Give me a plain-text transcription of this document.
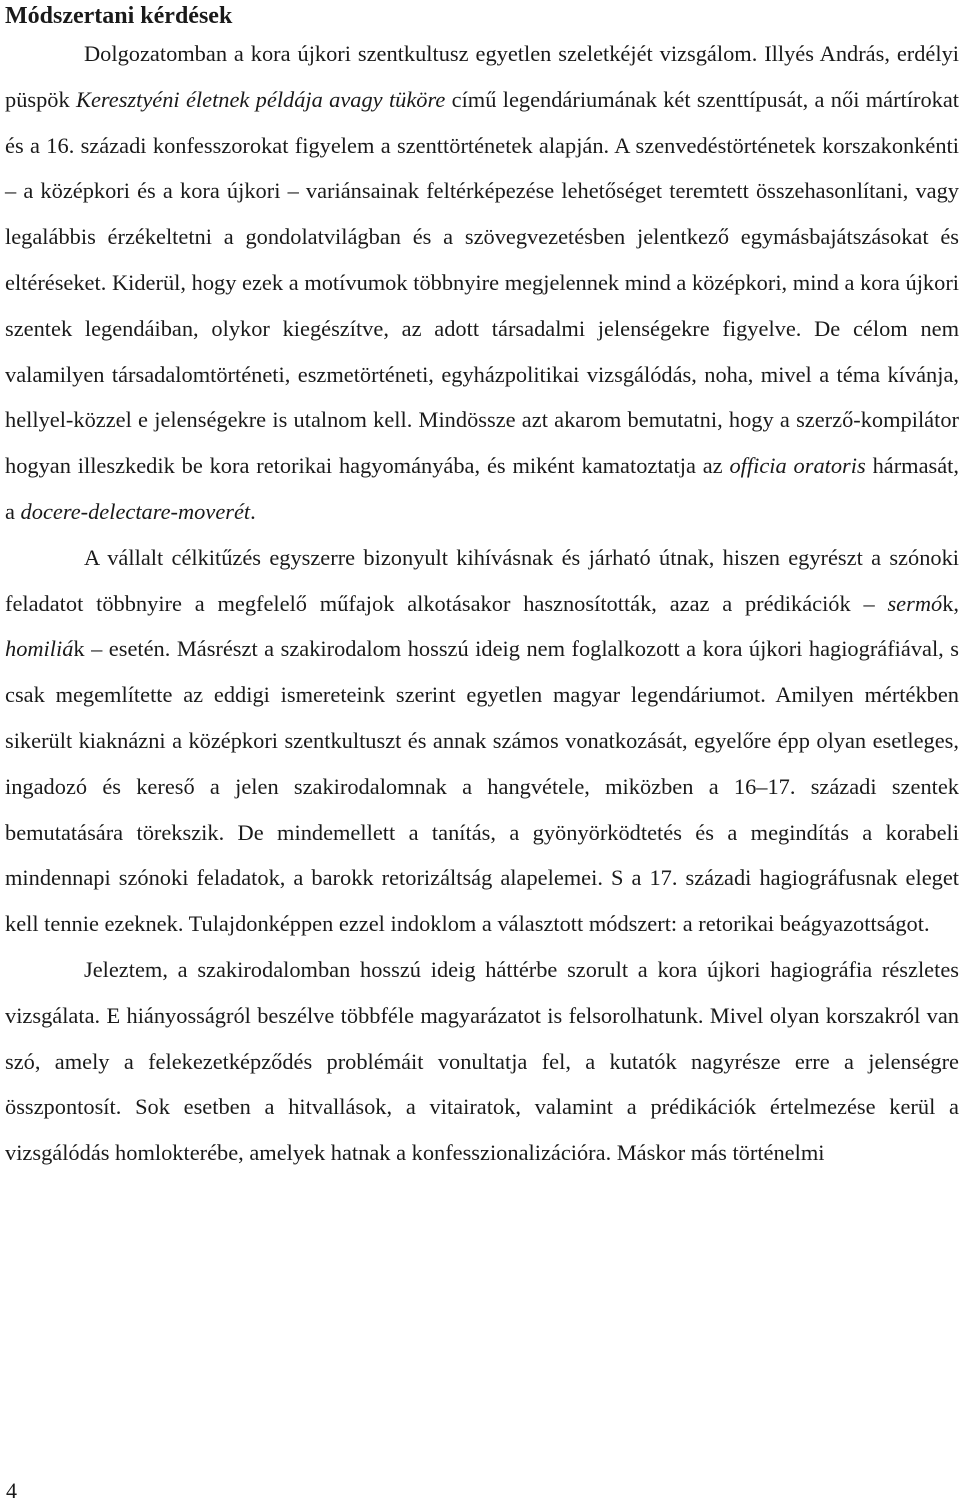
Módszertani kérdések

Dolgozatomban a kora újkori szentkultusz egyetlen szeletkéjét vizsgálom. Illyés András, erdélyi püspök Keresztyéni életnek példája avagy tüköre című legendáriumának két szenttípusát, a női mártírokat és a 16. századi konfesszorokat figyelem a szenttörténetek alapján. A szenvedéstörténetek korszakonkénti – a középkori és a kora újkori – variánsainak feltérképezése lehetőséget teremtett összehasonlítani, vagy legalábbis érzékeltetni a gondolatvilágban és a szövegvezetésben jelentkező egymásbajátszásokat és eltéréseket. Kiderül, hogy ezek a motívumok többnyire megjelennek mind a középkori, mind a kora újkori szentek legendáiban, olykor kiegészítve, az adott társadalmi jelenségekre figyelve. De célom nem valamilyen társadalomtörténeti, eszmetörténeti, egyházpolitikai vizsgálódás, noha, mivel a téma kívánja, hellyel-közzel e jelenségekre is utalnom kell. Mindössze azt akarom bemutatni, hogy a szerző-kompilátor hogyan illeszkedik be kora retorikai hagyományába, és miként kamatoztatja az officia oratoris hármasát, a docere-delectare-moverét.

A vállalt célkitűzés egyszerre bizonyult kihívásnak és járható útnak, hiszen egyrészt a szónoki feladatot többnyire a megfelelő műfajok alkotásakor hasznosították, azaz a prédikációk – sermók, homiliák – esetén. Másrészt a szakirodalom hosszú ideig nem foglalkozott a kora újkori hagiográfiával, s csak megemlítette az eddigi ismereteink szerint egyetlen magyar legendáriumot. Amilyen mértékben sikerült kiaknázni a középkori szentkultuszt és annak számos vonatkozását, egyelőre épp olyan esetleges, ingadozó és kereső a jelen szakirodalomnak a hangvétele, miközben a 16–17. századi szentek bemutatására törekszik. De mindemellett a tanítás, a gyönyörködtetés és a megindítás a korabeli mindennapi szónoki feladatok, a barokk retorizáltság alapelemei. S a 17. századi hagiográfusnak eleget kell tennie ezeknek. Tulajdonképpen ezzel indoklom a választott módszert: a retorikai beágyazottságot.

Jeleztem, a szakirodalomban hosszú ideig háttérbe szorult a kora újkori hagiográfia részletes vizsgálata. E hiányosságról beszélve többféle magyarázatot is felsorolhatunk. Mivel olyan korszakról van szó, amely a felekezetképződés problémáit vonultatja fel, a kutatók nagyrésze erre a jelenségre összpontosít. Sok esetben a hitvallások, a vitairatok, valamint a prédikációk értelmezése kerül a vizsgálódás homlokterébe, amelyek hatnak a konfesszionalizációra. Máskor más történelmi

4
